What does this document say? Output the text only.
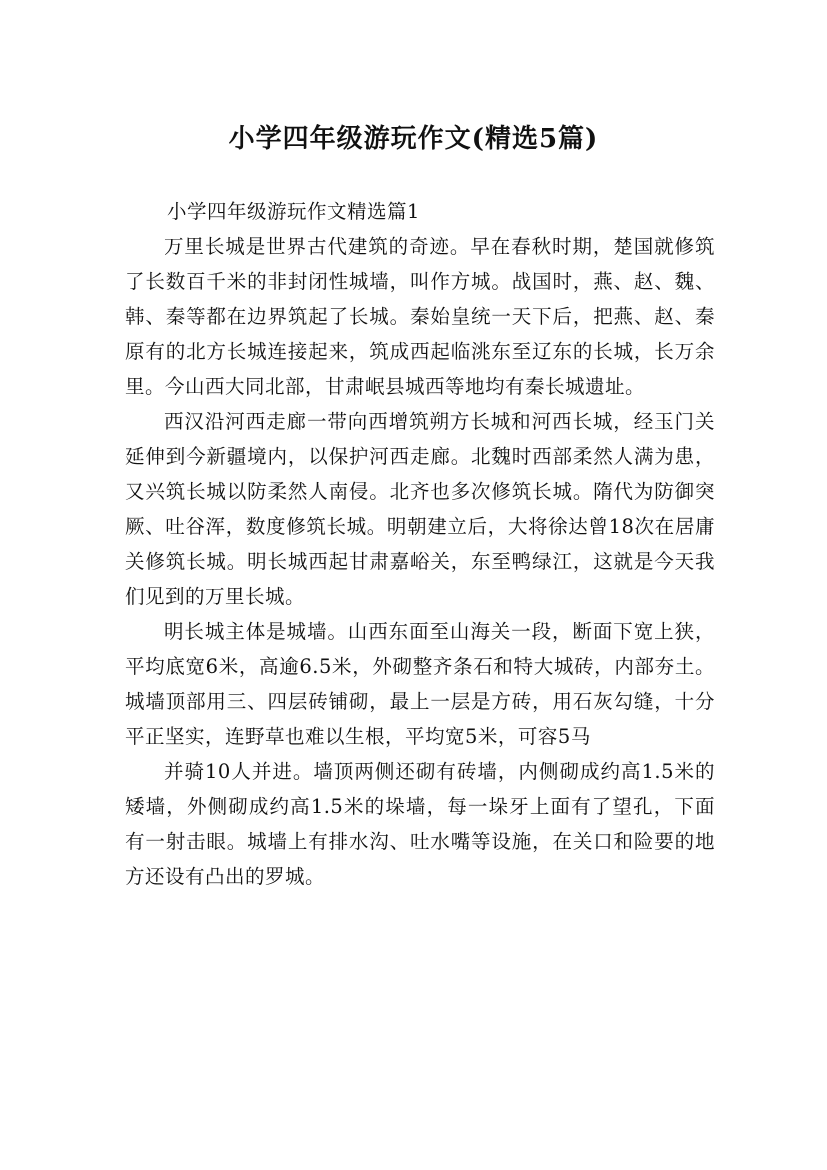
小学四年级游玩作文(精选5篇)

小学四年级游玩作文精选篇1

万里长城是世界古代建筑的奇迹。早在春秋时期，楚国就修筑了长数百千米的非封闭性城墙，叫作方城。战国时，燕、赵、魏、韩、秦等都在边界筑起了长城。秦始皇统一天下后，把燕、赵、秦原有的北方长城连接起来，筑成西起临洮东至辽东的长城，长万余里。今山西大同北部，甘肃岷县城西等地均有秦长城遗址。

西汉沿河西走廊一带向西增筑朔方长城和河西长城，经玉门关延伸到今新疆境内，以保护河西走廊。北魏时西部柔然人满为患，又兴筑长城以防柔然人南侵。北齐也多次修筑长城。隋代为防御突厥、吐谷浑，数度修筑长城。明朝建立后，大将徐达曾18次在居庸关修筑长城。明长城西起甘肃嘉峪关，东至鸭绿江，这就是今天我们见到的万里长城。

明长城主体是城墙。山西东面至山海关一段，断面下宽上狭，平均底宽6米，高逾6.5米，外砌整齐条石和特大城砖，内部夯土。城墙顶部用三、四层砖铺砌，最上一层是方砖，用石灰勾缝，十分平正坚实，连野草也难以生根，平均宽5米，可容5马

并骑10人并进。墙顶两侧还砌有砖墙，内侧砌成约高1.5米的矮墙，外侧砌成约高1.5米的垛墙，每一垛牙上面有了望孔，下面有一射击眼。城墙上有排水沟、吐水嘴等设施，在关口和险要的地方还设有凸出的罗城。
